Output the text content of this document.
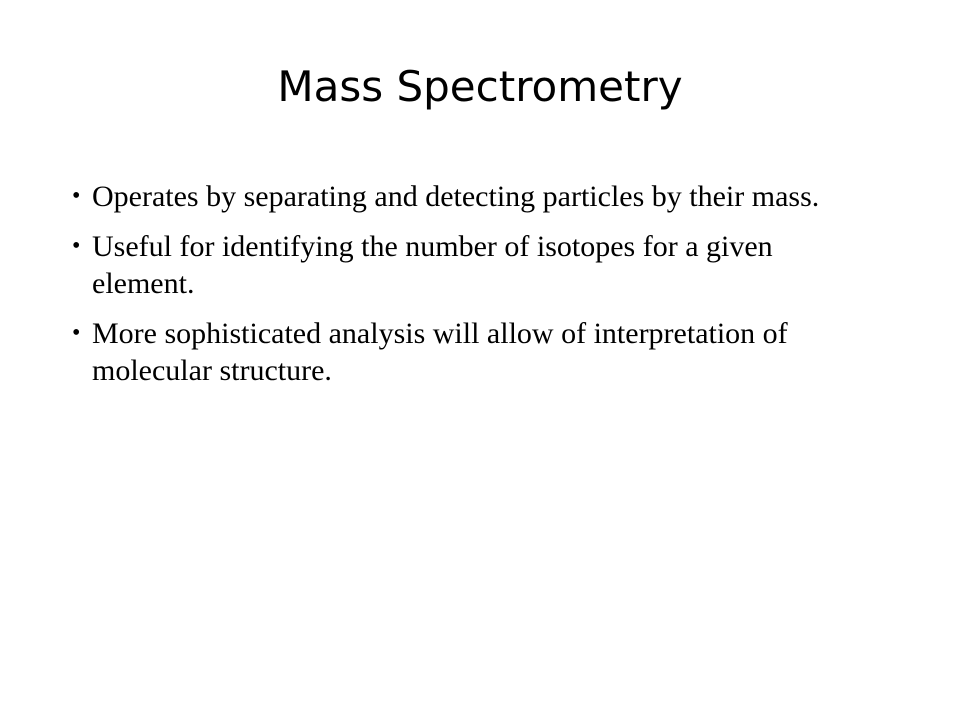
Mass Spectrometry
• Operates by separating and detecting particles by their mass.
• Useful for identifying the number of isotopes for a given element.
• More sophisticated analysis will allow of interpretation of molecular structure.
